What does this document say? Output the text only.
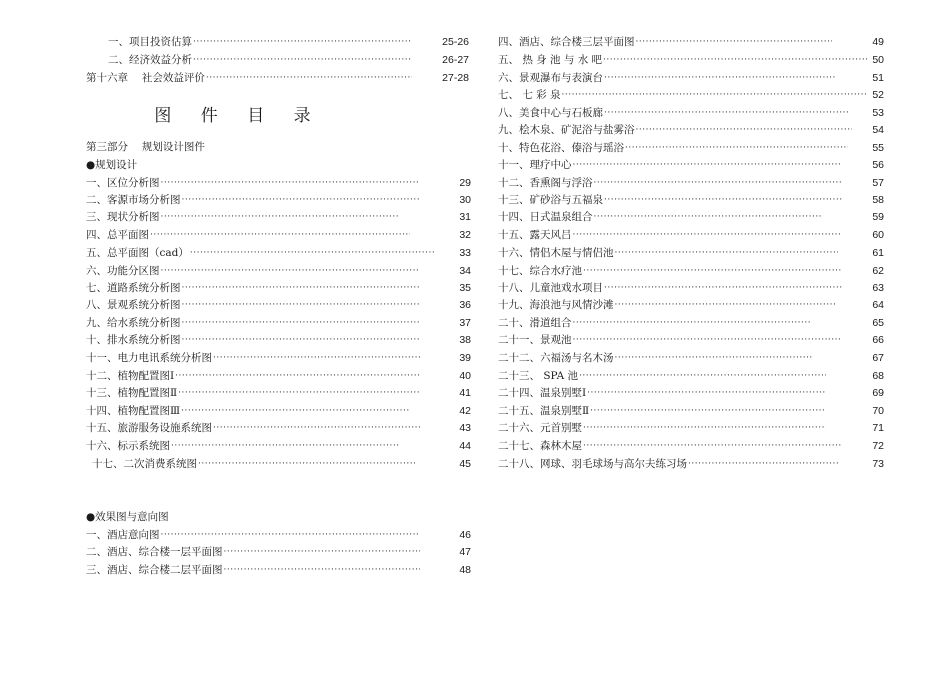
图 件 目 录
一、项目投资估算 ·····	25-26
二、经济效益分析 ·····	26-27
第十六章　 社会效益评价 ·····	27-28
第三部分　 规划设计图件
●规划设计
一、区位分析图 ·····	29
二、客源市场分析图 ·····	30
三、现状分析图 ·····	31
四、总平面图 ·····	32
五、总平面图（cad） ·····	33
六、功能分区图 ·····	34
七、道路系统分析图 ·····	35
八、景观系统分析图 ·····	36
九、给水系统分析图 ·····	37
十、排水系统分析图 ·····	38
十一、电力电讯系统分析图 ·····	39
十二、植物配置图Ⅰ ·····	40
十三、植物配置图Ⅱ ·····	41
十四、植物配置图Ⅲ ·····	42
十五、旅游服务设施系统图 ·····	43
十六、标示系统图 ·····	44
十七、二次消费系统图 ·····	45
●效果图与意向图
一、酒店意向图 ·····	46
二、酒店、综合楼一层平面图 ·····	47
三、酒店、综合楼二层平面图 ·····	48
四、酒店、综合楼三层平面图 ·····	49
五、 热 身 池 与 水 吧 ·····	50
六、景观瀑布与表演台 ·····	51
七、 七 彩 泉 ·····	52
八、美食中心与石板廊 ·····	53
九、桧木泉、矿泥浴与盐雾浴 ·····	54
十、特色花浴、傣浴与瑶浴 ·····	55
十一、理疗中心 ·····	56
十二、香熏阁与浮浴 ·····	57
十三、矿砂浴与五福泉 ·····	58
十四、日式温泉组合 ·····	59
十五、露天风吕 ·····	60
十六、情侣木屋与情侣池 ·····	61
十七、综合水疗池 ·····	62
十八、儿童池戏水项目 ·····	63
十九、海浪池与风情沙滩 ·····	64
二十、滑道组合 ·····	65
二十一、景观池 ·····	66
二十二、六福汤与名木汤 ·····	67
二十三、 SPA 池 ·····	68
二十四、温泉别墅Ⅰ ·····	69
二十五、温泉别墅Ⅱ ·····	70
二十六、元首别墅 ·····	71
二十七、森林木屋 ·····	72
二十八、网球、羽毛球场与高尔夫练习场 ·····	73
